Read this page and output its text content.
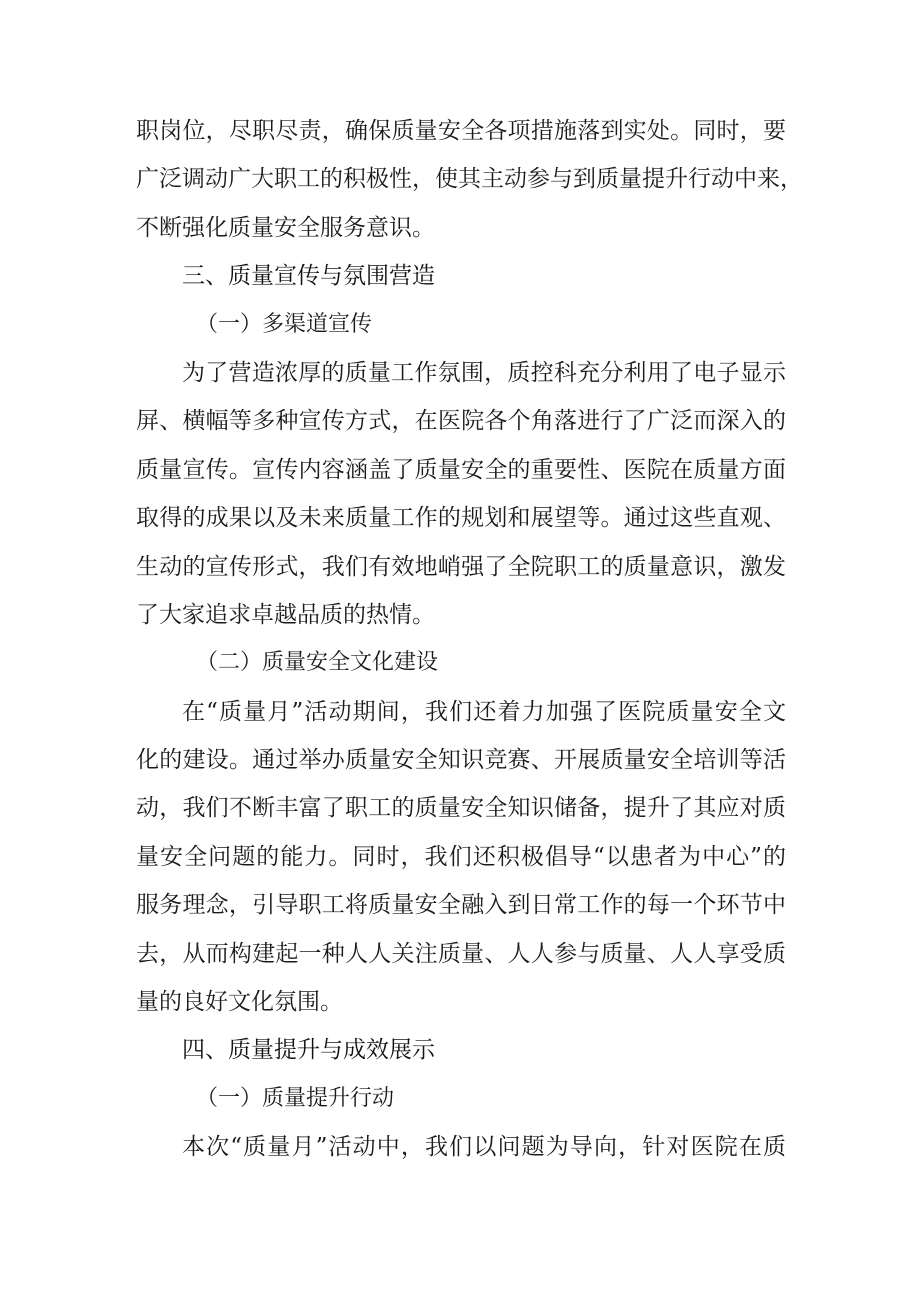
职岗位，尽职尽责，确保质量安全各项措施落到实处。同时，要
广泛调动广大职工的积极性，使其主动参与到质量提升行动中来，
不断强化质量安全服务意识。
三、质量宣传与氛围营造
（一）多渠道宣传
为了营造浓厚的质量工作氛围，质控科充分利用了电子显示
屏、横幅等多种宣传方式，在医院各个角落进行了广泛而深入的
质量宣传。宣传内容涵盖了质量安全的重要性、医院在质量方面
取得的成果以及未来质量工作的规划和展望等。通过这些直观、
生动的宣传形式，我们有效地峭强了全院职工的质量意识，激发
了大家追求卓越品质的热情。
（二）质量安全文化建设
在“质量月”活动期间，我们还着力加强了医院质量安全文
化的建设。通过举办质量安全知识竞赛、开展质量安全培训等活
动，我们不断丰富了职工的质量安全知识储备，提升了其应对质
量安全问题的能力。同时，我们还积极倡导“以患者为中心”的
服务理念，引导职工将质量安全融入到日常工作的每一个环节中
去，从而构建起一种人人关注质量、人人参与质量、人人享受质
量的良好文化氛围。
四、质量提升与成效展示
（一）质量提升行动
本次“质量月”活动中，我们以问题为导向，针对医院在质
